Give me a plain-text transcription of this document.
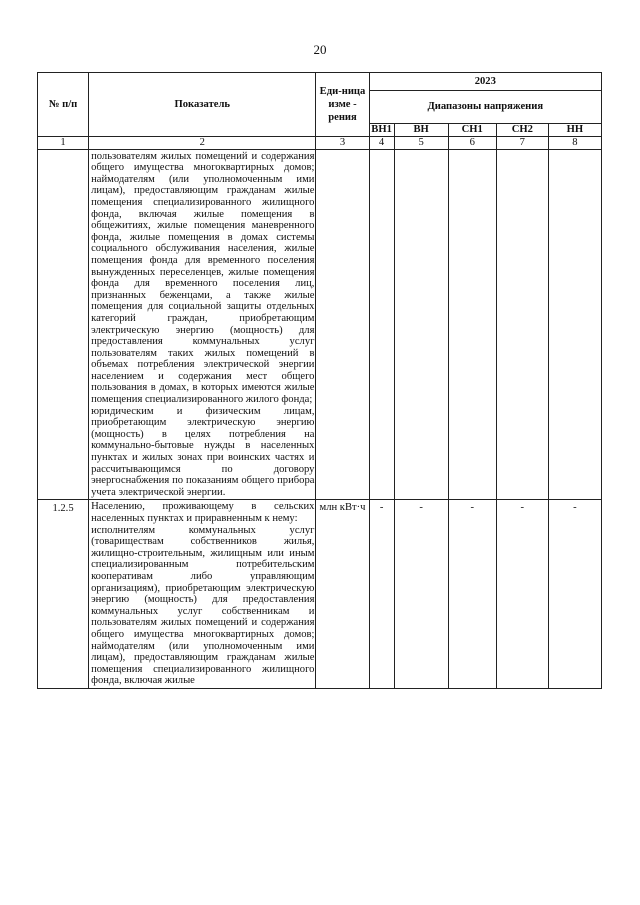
20
№ п/п	Показатель	Еди-ница изме - рения	2023				
			Диапазоны напряжения				
			ВН1	ВН	СН1	СН2	НН
1	2	3	4	5	6	7	8
	пользователям жилых помещений и содержания общего имущества многоквартирных домов; наймодателям (или уполномоченным ими лицам), предоставляющим гражданам жилые помещения специализированного жилищного фонда, включая жилые помещения в общежитиях, жилые помещения маневренного фонда, жилые помещения в домах системы социального обслуживания населения, жилые помещения фонда для временного поселения вынужденных переселенцев, жилые помещения фонда для временного поселения лиц, признанных беженцами, а также жилые помещения для социальной защиты отдельных категорий граждан, приобретающим электрическую энергию (мощность) для предоставления коммунальных услуг пользователям таких жилых помещений в объемах потребления электрической энергии населением и содержания мест общего пользования в домах, в которых имеются жилые помещения специализированного жилого фонда;
юридическим и физическим лицам, приобретающим электрическую энергию (мощность) в целях потребления на коммунально-бытовые нужды в населенных пунктах и жилых зонах при воинских частях и рассчитывающимся по договору энергоснабжения по показаниям общего прибора учета электрической энергии.						
1.2.5	Населению, проживающему в сельских населенных пунктах и приравненным к нему:
исполнителям коммунальных услуг (товариществам собственников жилья, жилищно-строительным, жилищным или иным специализированным потребительским кооперативам либо управляющим организациям), приобретающим электрическую энергию (мощность) для предоставления коммунальных услуг собственникам и пользователям жилых помещений и содержания общего имущества многоквартирных домов; наймодателям (или уполномоченным ими лицам), предоставляющим гражданам жилые помещения специализированного жилищного фонда, включая жилые	млн кВт·ч	-	-	-	-	-
